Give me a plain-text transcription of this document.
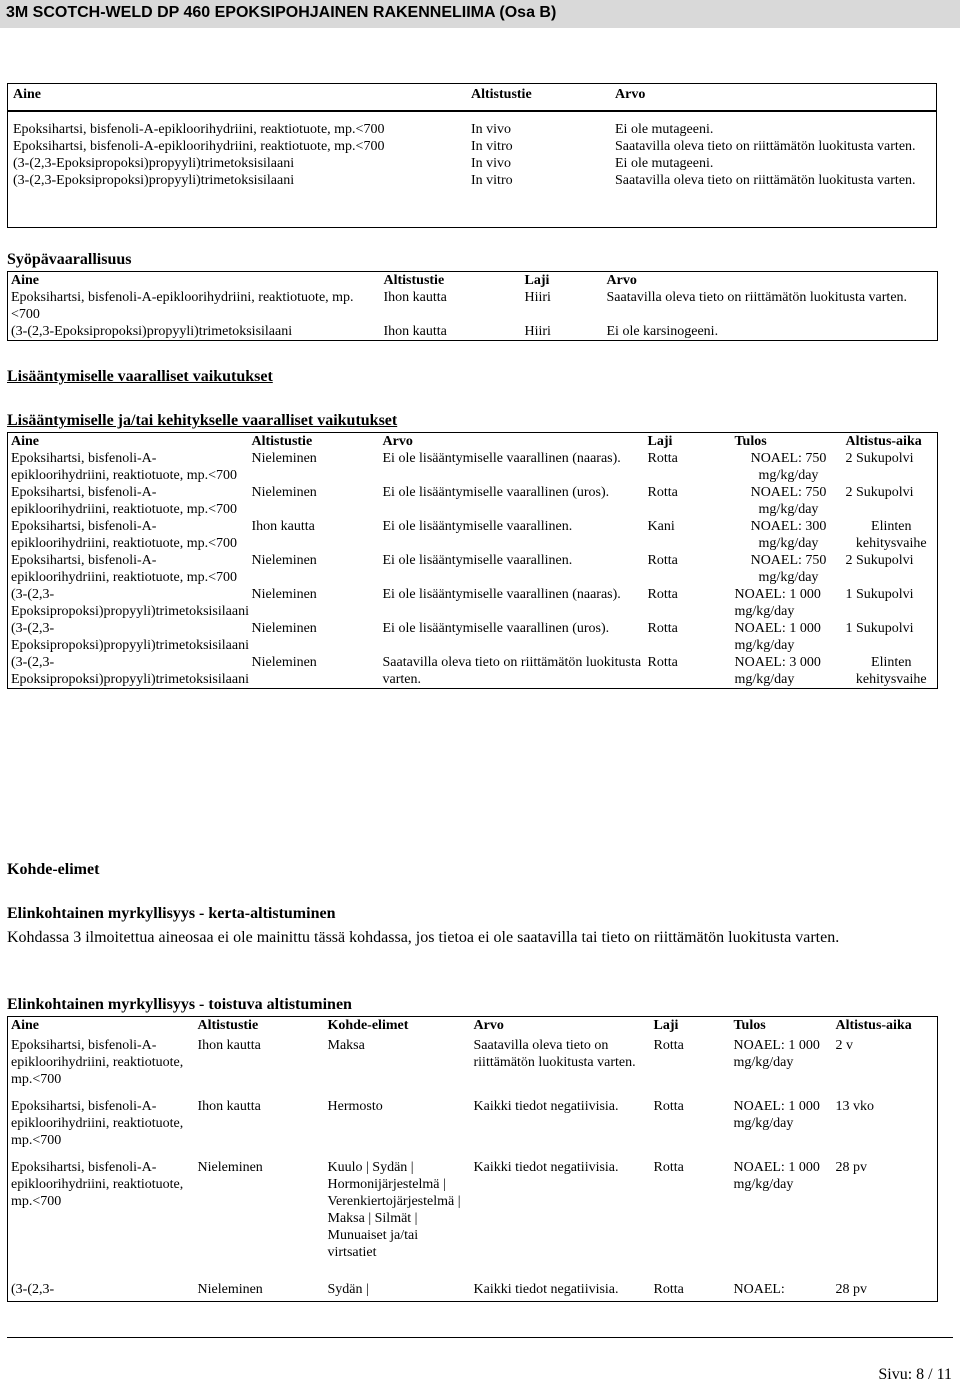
3M SCOTCH-WELD DP 460 EPOKSIPOHJAINEN RAKENNELIIMA (Osa B)
Aine	Altistustie	Arvo

Epoksihartsi, bisfenoli-A-epikloorihydriini, reaktiotuote, mp.<700	In vivo	Ei ole mutageeni.
Epoksihartsi, bisfenoli-A-epikloorihydriini, reaktiotuote, mp.<700	In vitro	Saatavilla oleva tieto on riittämätön luokitusta varten.
(3-(2,3-Epoksipropoksi)propyyli)trimetoksisilaani	In vivo	Ei ole mutageeni.
(3-(2,3-Epoksipropoksi)propyyli)trimetoksisilaani	In vitro	Saatavilla oleva tieto on riittämätön luokitusta varten.
Syöpävaarallisuus
Aine	Altistustie	Laji	Arvo
Epoksihartsi, bisfenoli-A-epikloorihydriini, reaktiotuote, mp.<700	Ihon kautta	Hiiri	Saatavilla oleva tieto on riittämätön luokitusta varten.
(3-(2,3-Epoksipropoksi)propyyli)trimetoksisilaani	Ihon kautta	Hiiri	Ei ole karsinogeeni.
Lisääntymiselle vaaralliset vaikutukset
Lisääntymiselle ja/tai kehitykselle vaaralliset vaikutukset
Aine	Altistustie	Arvo	Laji	Tulos	Altistus-aika
Epoksihartsi, bisfenoli-A-epikloorihydriini, reaktiotuote, mp.<700	Nieleminen	Ei ole lisääntymiselle vaarallinen (naaras).	Rotta	NOAEL: 750 mg/kg/day	2 Sukupolvi
Epoksihartsi, bisfenoli-A-epikloorihydriini, reaktiotuote, mp.<700	Nieleminen	Ei ole lisääntymiselle vaarallinen (uros).	Rotta	NOAEL: 750 mg/kg/day	2 Sukupolvi
Epoksihartsi, bisfenoli-A-epikloorihydriini, reaktiotuote, mp.<700	Ihon kautta	Ei ole lisääntymiselle vaarallinen.	Kani	NOAEL: 300 mg/kg/day	Elinten kehitysvaihe
Epoksihartsi, bisfenoli-A-epikloorihydriini, reaktiotuote, mp.<700	Nieleminen	Ei ole lisääntymiselle vaarallinen.	Rotta	NOAEL: 750 mg/kg/day	2 Sukupolvi
(3-(2,3-Epoksipropoksi)propyyli)trimetoksisilaani	Nieleminen	Ei ole lisääntymiselle vaarallinen (naaras).	Rotta	NOAEL: 1 000 mg/kg/day	1 Sukupolvi
(3-(2,3-Epoksipropoksi)propyyli)trimetoksisilaani	Nieleminen	Ei ole lisääntymiselle vaarallinen (uros).	Rotta	NOAEL: 1 000 mg/kg/day	1 Sukupolvi
(3-(2,3-Epoksipropoksi)propyyli)trimetoksisilaani	Nieleminen	Saatavilla oleva tieto on riittämätön luokitusta varten.	Rotta	NOAEL: 3 000 mg/kg/day	Elinten kehitysvaihe
Kohde-elimet
Elinkohtainen myrkyllisyys - kerta-altistuminen
Kohdassa 3 ilmoitettua aineosaa ei ole mainittu tässä kohdassa, jos tietoa ei ole saatavilla tai tieto on riittämätön luokitusta varten.
Elinkohtainen myrkyllisyys - toistuva altistuminen
Aine	Altistustie	Kohde-elimet	Arvo	Laji	Tulos	Altistus-aika
Epoksihartsi, bisfenoli-A-epikloorihydriini, reaktiotuote, mp.<700	Ihon kautta	Maksa	Saatavilla oleva tieto on riittämätön luokitusta varten.	Rotta	NOAEL: 1 000 mg/kg/day	2 v
Epoksihartsi, bisfenoli-A-epikloorihydriini, reaktiotuote, mp.<700	Ihon kautta	Hermosto	Kaikki tiedot negatiivisia.	Rotta	NOAEL: 1 000 mg/kg/day	13 vko
Epoksihartsi, bisfenoli-A-epikloorihydriini, reaktiotuote, mp.<700	Nieleminen	Kuulo | Sydän | Hormonijärjestelmä | Verenkiertojärjestelmä | Maksa | Silmät | Munuaiset ja/tai virtsatiet	Kaikki tiedot negatiivisia.	Rotta	NOAEL: 1 000 mg/kg/day	28 pv
(3-(2,3-	Nieleminen	Sydän |	Kaikki tiedot negatiivisia.	Rotta	NOAEL:	28 pv
Sivu: 8 / 11
